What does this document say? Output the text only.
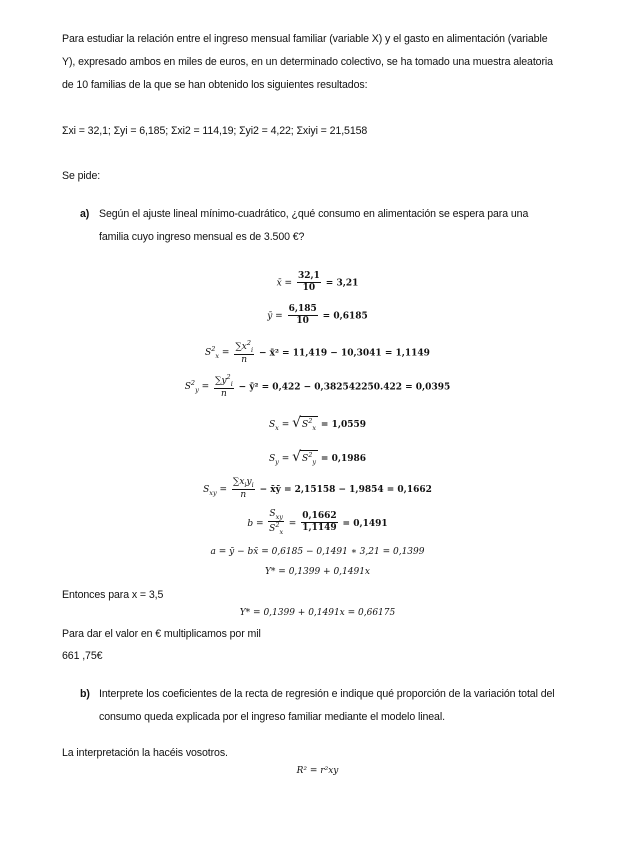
Para estudiar la relación entre el ingreso mensual familiar (variable X) y el gasto en alimentación (variable
Y), expresado ambos en miles de euros, en un determinado colectivo, se ha tomado una muestra aleatoria
de 10 familias de la que se han obtenido los siguientes resultados:
Σxi = 32,1; Σyi = 6,185; Σxi2 = 114,19; Σyi2 = 4,22; Σxiyi = 21,5158
Se pide:
a) Según el ajuste lineal mínimo-cuadrático, ¿qué consumo en alimentación se espera para una
familia cuyo ingreso mensual es de 3.500 €?
x̄ = $\frac{32,1}{10} = 3,21$
ȳ = $\frac{6,185}{10} = 0,6185$
$S^2_x = \frac{\sum x^2_i}{n}$ − x̄² = 11,419 − 10,3041 = 1,1149
$S^2_y = \frac{\sum y^2_i}{n}$ − ȳ² = 0,422 − 0,382542250.422 = 0,0395
$S_x = √S^2_x = 1,0559$
$S_y = √S^2_y = 0,1986$
$S_{xy} = \frac{\sum x_iy_i}{n}$ − x̄ȳ = 2,15158 − 1,9854 = 0,1662
$b = \frac{S_{xy}}{S^2_x} = \frac{0,1662}{1,1149} = 0,1491$
a = ȳ − bx̄ = 0,6185 − 0,1491 ∗ 3,21 = 0,1399
Y* = 0,1399 + 0,1491x
Entonces para x = 3,5
Y* = 0,1399 + 0,1491x = 0,66175
Para dar el valor en € multiplicamos por mil
661 ,75€
b) Interprete los coeficientes de la recta de regresión e indique qué proporción de la variación total del
consumo queda explicada por el ingreso familiar mediante el modelo lineal.
La interpretación la hacéis vosotros.
R² = r²xy
